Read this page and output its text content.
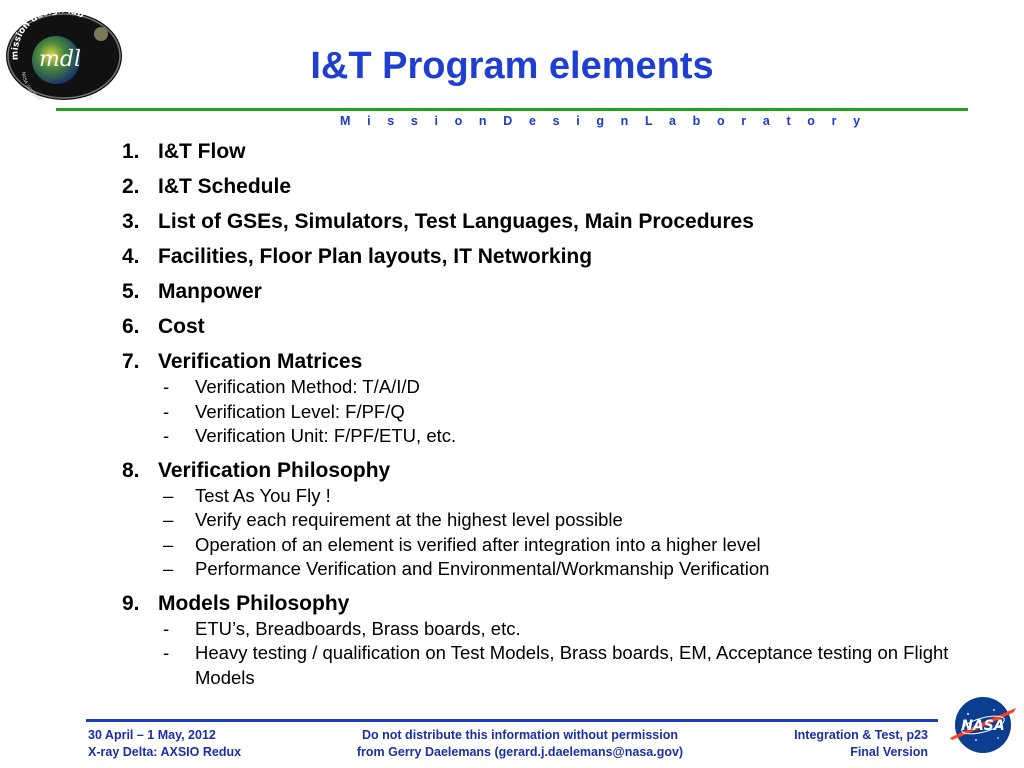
mission design lab
NASA GODDAR R
mdl	I&T Program elements
M i s s i o n D e s i g n L a b o r a t o r y
1. I&T Flow
2. I&T Schedule
3. List of GSEs, Simulators, Test Languages, Main Procedures
4. Facilities, Floor Plan layouts, IT Networking
5. Manpower
6. Cost
7. Verification Matrices
-	Verification Method: T/A/I/D
-	Verification Level: F/PF/Q
-	Verification Unit: F/PF/ETU, etc.
8. Verification Philosophy
–	Test As You Fly !
–	Verify each requirement at the highest level possible
–	Operation of an element is verified after integration into a higher level
–	Performance Verification and Environmental/Workmanship Verification
9. Models Philosophy
-	ETU’s, Breadboards, Brass boards, etc.
-	Heavy testing / qualification on Test Models, Brass boards, EM, Acceptance testing on Flight Models
30 April – 1 May, 2012
X-ray Delta: AXSIO Redux
Do not distribute this information without permission
from Gerry Daelemans (gerard.j.daelemans@nasa.gov)
Integration & Test, p23
Final Version
NASA
